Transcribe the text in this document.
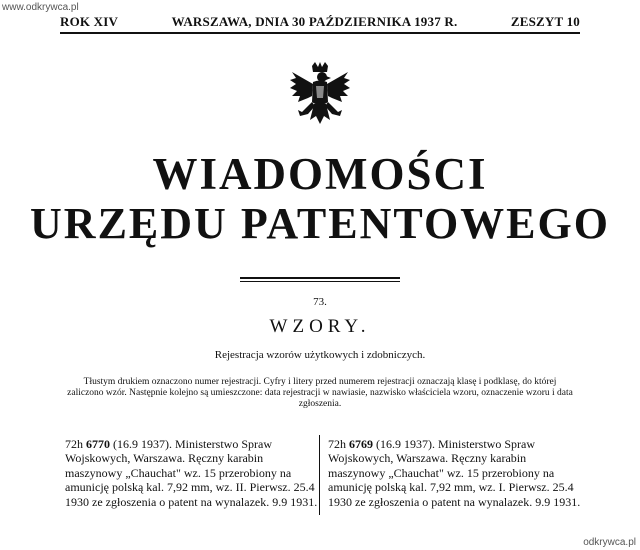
www.odkrywca.pl
ROK XIV	WARSZAWA, DNIA 30 PAŹDZIERNIKA 1937 R.	ZESZYT 10
WIADOMOŚCI
URZĘDU PATENTOWEGO
73.
WZORY.
Rejestracja wzorów użytkowych i zdobniczych.
Tłustym drukiem oznaczono numer rejestracji. Cyfry i litery przed numerem rejestracji oznaczają klasę i podklasę, do której zaliczono wzór. Następnie kolejno są umieszczone: data rejestracji w nawiasie, nazwisko właściciela wzoru, oznaczenie wzoru i data zgłoszenia.
72h 6770 (16.9 1937). Ministerstwo Spraw Wojskowych, Warszawa. Ręczny karabin maszynowy „Chauchat" wz. 15 przerobiony na amunicję polską kal. 7,92 mm, wz. II. Pierwsz. 25.4 1930 ze zgłoszenia o patent na wynalazek. 9.9 1931.
72h 6769 (16.9 1937). Ministerstwo Spraw Wojskowych, Warszawa. Ręczny karabin maszynowy „Chauchat" wz. 15 przerobiony na amunicję polską kal. 7,92 mm, wz. I. Pierwsz. 25.4 1930 ze zgłoszenia o patent na wynalazek. 9.9 1931.
odkrywca.pl
